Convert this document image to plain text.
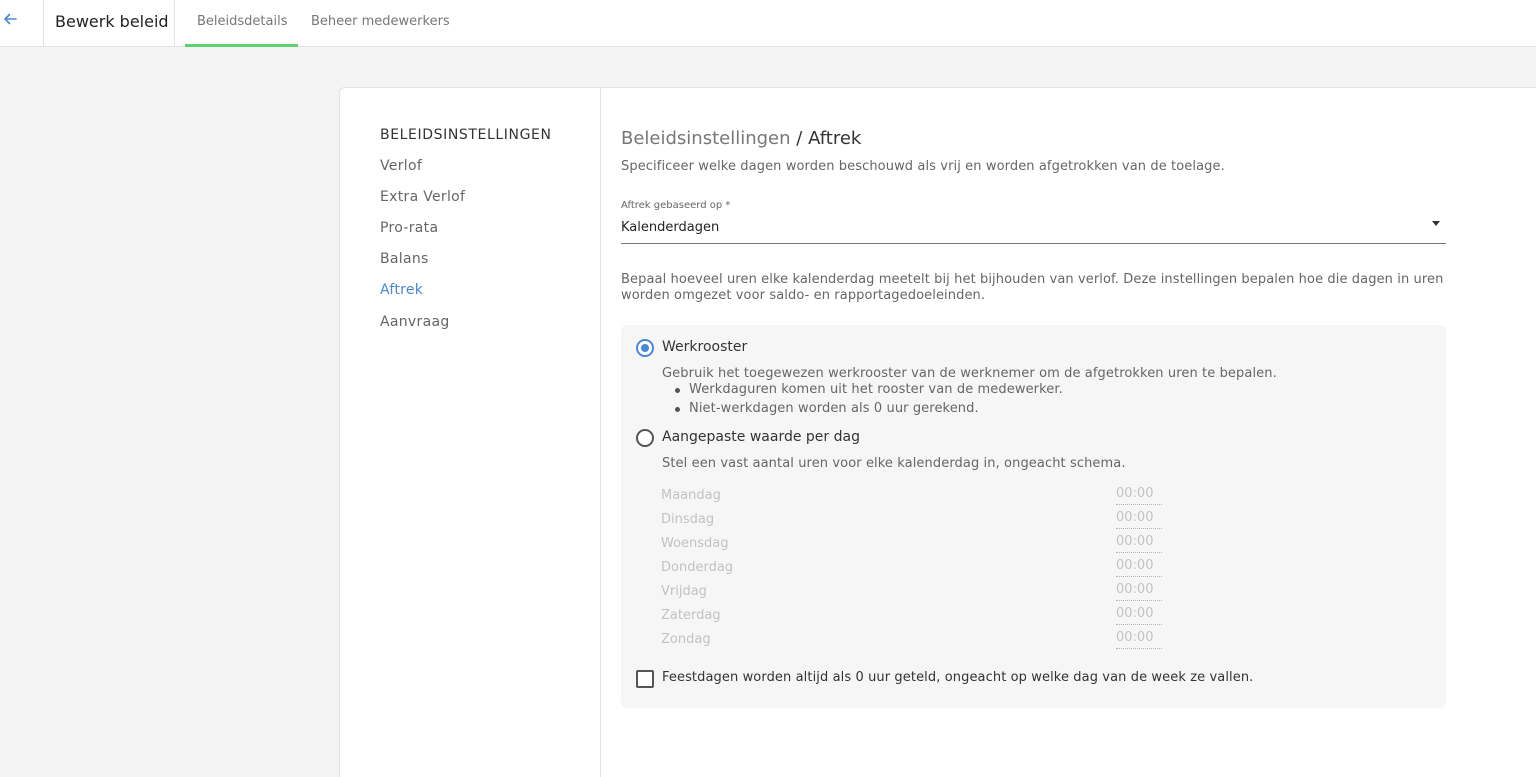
Bewerk beleid Beleidsdetails Beheer medewerkers
BELEIDSINSTELLINGEN
Verlof
Extra Verlof
Pro-rata
Balans
Aftrek
Aanvraag
Beleidsinstellingen / Aftrek
Specificeer welke dagen worden beschouwd als vrij en worden afgetrokken van de toelage.
Aftrek gebaseerd op *
Kalenderdagen
Bepaal hoeveel uren elke kalenderdag meetelt bij het bijhouden van verlof. Deze instellingen bepalen hoe die dagen in uren worden omgezet voor saldo- en rapportagedoeleinden.
Werkrooster
Gebruik het toegewezen werkrooster van de werknemer om de afgetrokken uren te bepalen.
Werkdaguren komen uit het rooster van de medewerker.
Niet-werkdagen worden als 0 uur gerekend.
Aangepaste waarde per dag
Stel een vast aantal uren voor elke kalenderdag in, ongeacht schema.
Maandag	00:00
Dinsdag	00:00
Woensdag	00:00
Donderdag	00:00
Vrijdag	00:00
Zaterdag	00:00
Zondag	00:00
Feestdagen worden altijd als 0 uur geteld, ongeacht op welke dag van de week ze vallen.
